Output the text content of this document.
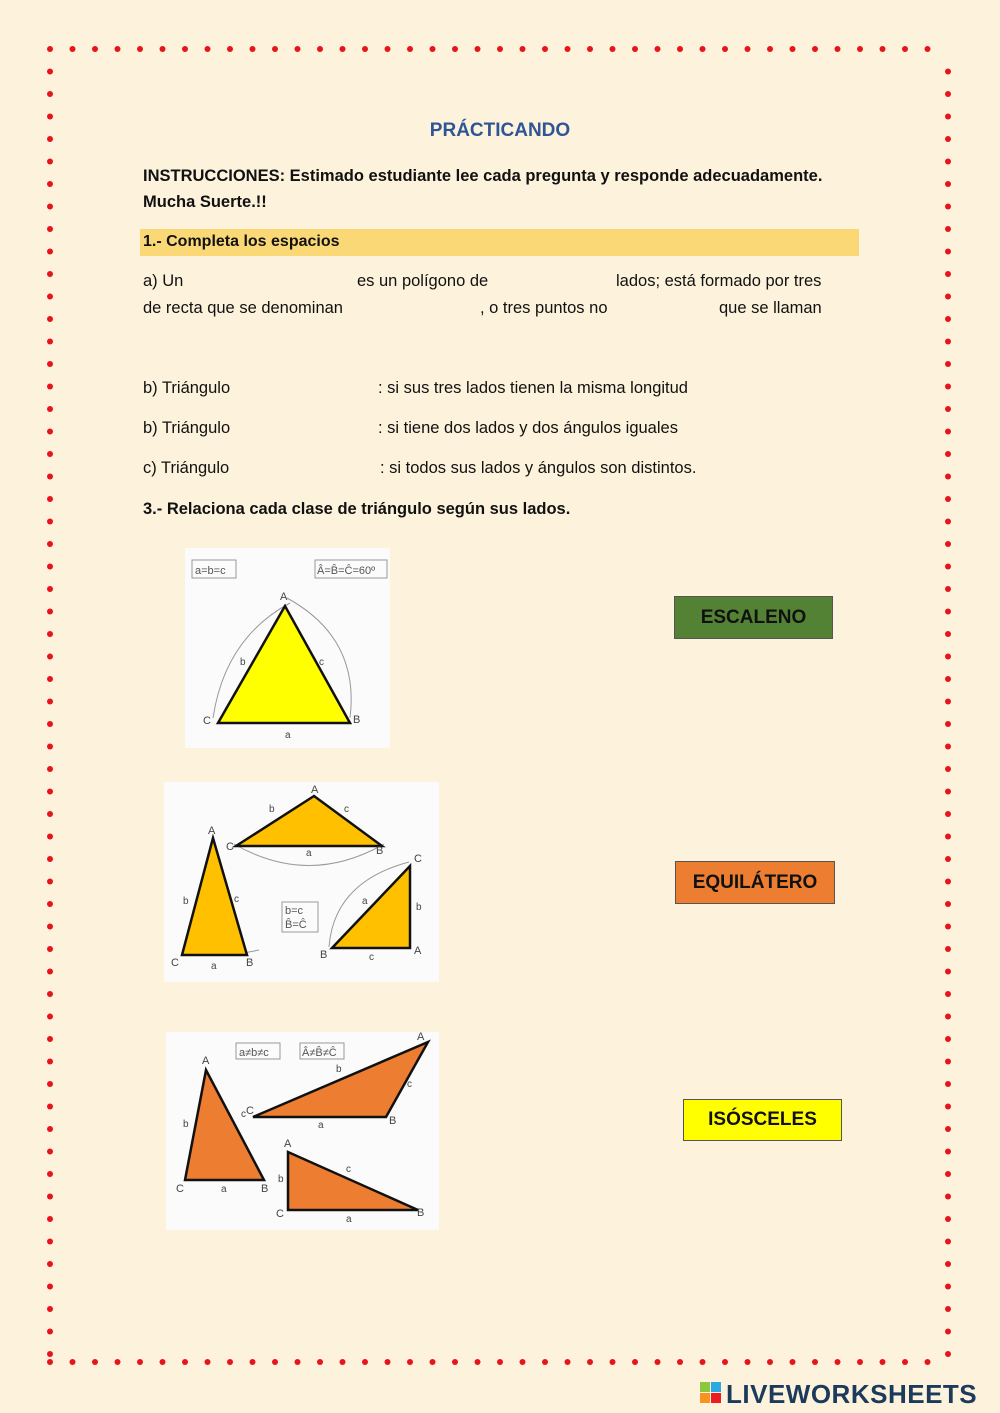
PRÁCTICANDO
INSTRUCCIONES: Estimado estudiante lee cada pregunta y responde adecuadamente. Mucha Suerte.!!
1.- Completa los espacios
a) Un	es un polígono de	lados; está formado por tres
de recta que se denominan	, o tres puntos no	que se llaman
b) Triángulo	: si sus tres lados tienen la misma longitud
b) Triángulo	: si tiene dos lados y dos ángulos iguales
c) Triángulo	: si todos sus lados y ángulos son distintos.
3.- Relaciona cada clase de triángulo según sus lados.
a=b=c	Â=B̂=Ĉ=60º
A
C	B
a
b	c
A
C	B
a
b	c
A
C	B
a
b	c
b=c
B̂=Ĉ
C
B	A
c
b
a
a≠b≠c	Â≠B̂≠Ĉ
A
C	B
a
b
c
A
C
B
a
b
c
A
C	B
a
b
c
ESCALENO
EQUILÁTERO
ISÓSCELES
LIVEWORKSHEETS
